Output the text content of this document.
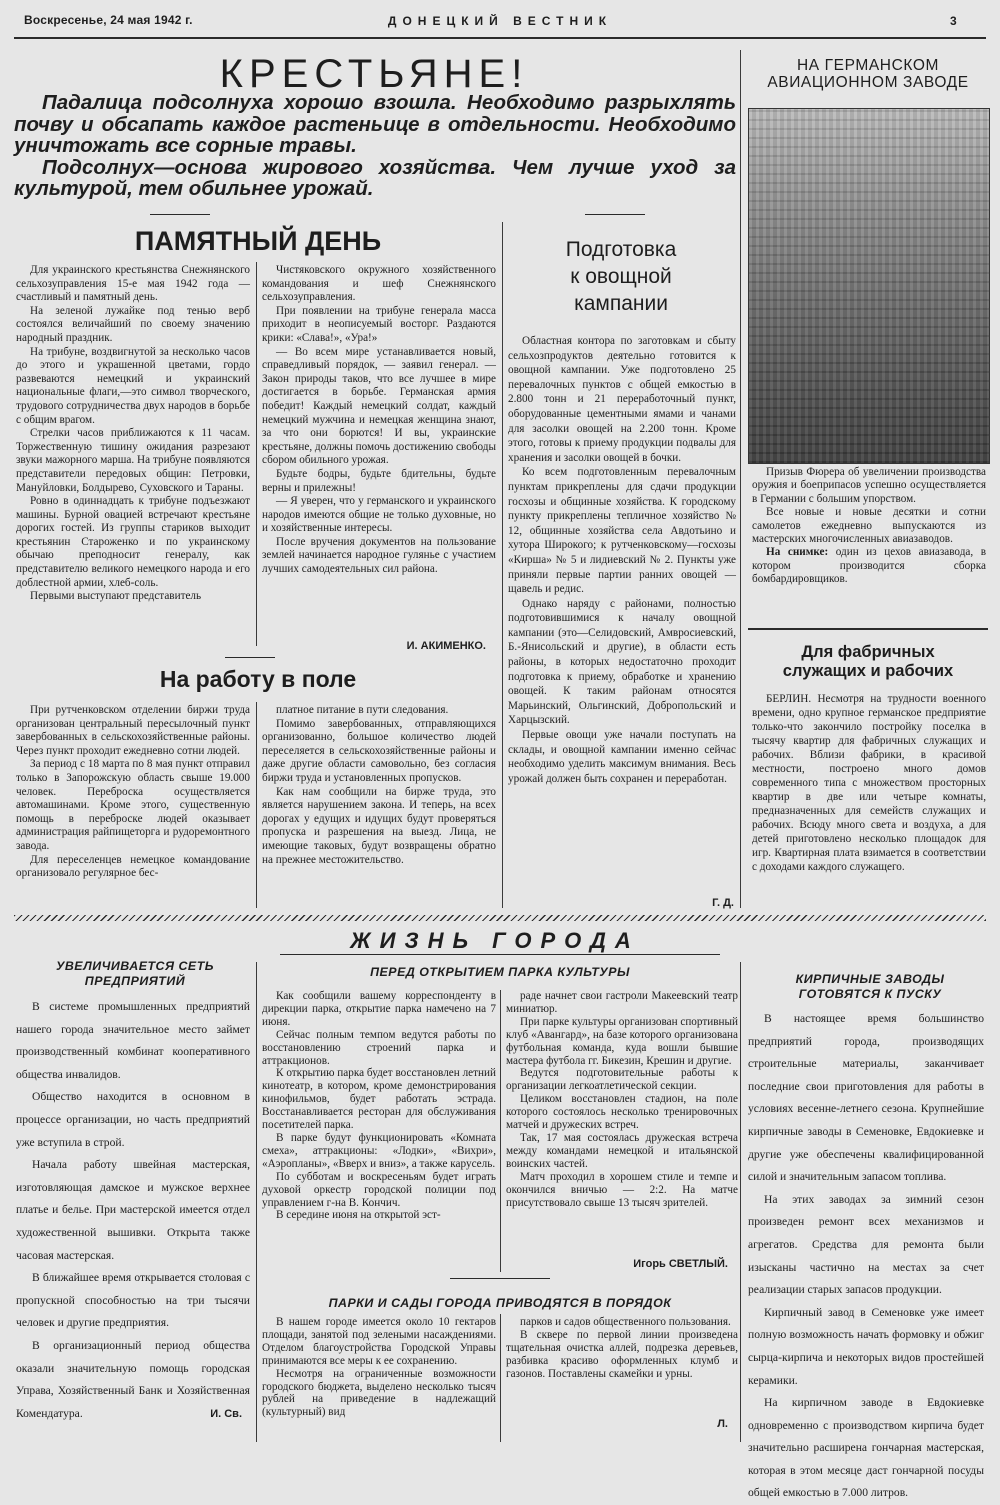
Воскресенье, 24 мая 1942 г.	ДОНЕЦКИЙ ВЕСТНИК	3
КРЕСТЬЯНЕ!

Падалица подсолнуха хорошо взошла. Необходимо разрыхлять почву и обсапать каждое растеньице в отдельности. Необходимо уничтожать все сорные травы.

Подсолнух—основа жирового хозяйства. Чем лучше уход за культурой, тем обильнее урожай.

ПАМЯТНЫЙ ДЕНЬ

Для украинского крестьянства Снежнянского сельхозуправления 15-е мая 1942 года — счастливый и памятный день.

На зеленой лужайке под тенью верб состоялся величайший по своему значению народный праздник.

На трибуне, воздвигнутой за несколько часов до этого и украшенной цветами, гордо развеваются немецкий и украинский национальные флаги,—это символ творческого, трудового сотрудничества двух народов в борьбе с общим врагом.

Стрелки часов приближаются к 11 часам. Торжественную тишину ожидания разрезают звуки мажорного марша. На трибуне появляются представители передовых общин: Петровки, Мануйловки, Болдырево, Суховского и Тараны.

Ровно в одиннадцать к трибуне подъезжают машины. Бурной овацией встречают крестьяне дорогих гостей. Из группы стариков выходит крестьянин Староженко и по украинскому обычаю преподносит генералу, как представителю великого немецкого народа и его доблестной армии, хлеб-соль.

Первыми выступают представитель

Чистяковского окружного хозяйственного командования и шеф Снежнянского сельхозуправления.

При появлении на трибуне генерала масса приходит в неописуемый восторг. Раздаются крики: «Слава!», «Ура!»

— Во всем мире устанавливается новый, справедливый порядок, — заявил генерал. — Закон природы таков, что все лучшее в мире достигается в борьбе. Германская армия победит! Каждый немецкий солдат, каждый немецкий мужчина и немецкая женщина знают, за что они борются! И вы, украинские крестьяне, должны помочь достижению свободы сбором обильного урожая.

Будьте бодры, будьте бдительны, будьте верны и прилежны!

— Я уверен, что у германского и украинского народов имеются общие не только духовные, но и хозяйственные интересы.

После вручения документов на пользование землей начинается народное гулянье с участием лучших самодеятельных сил района.

И. АКИМЕНКО.
На работу в поле

При рутченковском отделении биржи труда организован центральный пересылочный пункт завербованных в сельскохозяйственные районы. Через пункт проходит ежедневно сотни людей.

За период с 18 марта по 8 мая пункт отправил только в Запорожскую область свыше 19.000 человек. Переброска осуществляется автомашинами. Кроме этого, существенную помощь в переброске людей оказывает администрация райпищеторга и рудоремонтного завода.

Для переселенцев немецкое командование организовало регулярное бес-

платное питание в пути следования.

Помимо завербованных, отправляющихся организованно, большое количество людей переселяется в сельскохозяйственные районы и даже другие области самовольно, без согласия биржи труда и установленных пропусков.

Как нам сообщили на бирже труда, это является нарушением закона. И теперь, на всех дорогах у едущих и идущих будут проверяться пропуска и разрешения на выезд. Лица, не имеющие таковых, будут возвращены обратно на прежнее местожительство.

Подготовка
к овощной
кампании

Областная контора по заготовкам и сбыту сельхозпродуктов деятельно готовится к овощной кампании. Уже подготовлено 25 перевалочных пунктов с общей емкостью в 2.800 тонн и 21 переработочный пункт, оборудованные цементными ямами и чанами для засолки овощей на 2.200 тонн. Кроме этого, готовы к приему продукции подвалы для хранения и засолки овощей в бочки.

Ко всем подготовленным перевалочным пунктам прикреплены для сдачи продукции госхозы и общинные хозяйства. К городскому пункту прикреплены тепличное хозяйство № 12, общинные хозяйства села Авдотьино и хутора Широкого; к рутченковскому—госхозы «Кирша» № 5 и лидиевский № 2. Пункты уже приняли первые партии ранних овощей — щавель и редис.

Однако наряду с районами, полностью подготовившимися к началу овощной кампании (это—Селидовский, Амвросиевский, Б.-Янисольский и другие), в области есть районы, в которых недостаточно проходит подготовка к приему, обработке и хранению овощей. К таким районам относятся Марьинский, Ольгинский, Добропольский и Харцызский.

Первые овощи уже начали поступать на склады, и овощной кампании именно сейчас необходимо уделить максимум внимания. Весь урожай должен быть сохранен и переработан.

Г. Д.
НА ГЕРМАНСКОМ
АВИАЦИОННОМ ЗАВОДЕ

Призыв Фюрера об увеличении производства оружия и боеприпасов успешно осуществляется в Германии с большим упорством.

Все новые и новые десятки и сотни самолетов ежедневно выпускаются из мастерских многочисленных авиазаводов.

На снимке: один из цехов авиазавода, в котором производится сборка бомбардировщиков.

Для фабричных
служащих и рабочих

БЕРЛИН. Несмотря на трудности военного времени, одно крупное германское предприятие только-что закончило постройку поселка в тысячу квартир для фабричных служащих и рабочих. Вблизи фабрики, в красивой местности, построено много домов современного типа с множеством просторных квартир в две или четыре комнаты, предназначенных для семейств служащих и рабочих. Всюду много света и воздуха, а для детей приготовлено несколько площадок для игр. Квартирная плата взимается в соответствии с доходами каждого служащего.

ЖИЗНЬ ГОРОДА
УВЕЛИЧИВАЕТСЯ СЕТЬ ПРЕДПРИЯТИЙ

В системе промышленных предприятий нашего города значительное место займет производственный комбинат кооперативного общества инвалидов.

Общество находится в основном в процессе организации, но часть предприятий уже вступила в строй.

Начала работу швейная мастерская, изготовляющая дамское и мужское верхнее платье и белье. При мастерской имеется отдел художественной вышивки. Открыта также часовая мастерская.

В ближайшее время открывается столовая с пропускной способностью на три тысячи человек и другие предприятия.

В организационный период общества оказали значительную помощь городская Управа, Хозяйственный Банк и Хозяйственная Комендатура.	И. Св.
ПЕРЕД ОТКРЫТИЕМ ПАРКА КУЛЬТУРЫ

Как сообщили вашему корреспонденту в дирекции парка, открытие парка намечено на 7 июня.

Сейчас полным темпом ведутся работы по восстановлению строений парка и аттракционов.

К открытию парка будет восстановлен летний кинотеатр, в котором, кроме демонстрирования кинофильмов, будет работать эстрада. Восстанавливается ресторан для обслуживания посетителей парка.

В парке будут функционировать «Комната смеха», аттракционы: «Лодки», «Вихри», «Аэропланы», «Вверх и вниз», а также карусель.

По субботам и воскресеньям будет играть духовой оркестр городской полиции под управлением г-на В. Кончич.

В середине июня на открытой эст-

раде начнет свои гастроли Макеевский театр миниатюр.

При парке культуры организован спортивный клуб «Авангард», на базе которого организована футбольная команда, куда вошли бывшие мастера футбола гг. Бикезин, Крешин и другие.

Ведутся подготовительные работы к организации легкоатлетической секции.

Целиком восстановлен стадион, на поле которого состоялось несколько тренировочных матчей и дружеских встреч.

Так, 17 мая состоялась дружеская встреча между командами немецкой и итальянской воинских частей.

Матч проходил в хорошем стиле и темпе и окончился вничью — 2:2. На матче присутствовало свыше 13 тысяч зрителей.

Игорь СВЕТЛЫЙ.
ПАРКИ И САДЫ ГОРОДА ПРИВОДЯТСЯ В ПОРЯДОК

В нашем городе имеется около 10 гектаров площади, занятой под зелеными насаждениями. Отделом благоустройства Городской Управы принимаются все меры к ее сохранению.

Несмотря на ограниченные возможности городского бюджета, выделено несколько тысяч рублей на приведение в надлежащий (культурный) вид

парков и садов общественного пользования.

В сквере по первой линии произведена тщательная очистка аллей, подрезка деревьев, разбивка красиво оформленных клумб и газонов. Поставлены скамейки и урны.

Л.
КИРПИЧНЫЕ ЗАВОДЫ ГОТОВЯТСЯ К ПУСКУ

В настоящее время большинство предприятий города, производящих строительные материалы, заканчивает последние свои приготовления для работы в условиях весенне-летнего сезона. Крупнейшие кирпичные заводы в Семеновке, Евдокиевке и другие уже обеспечены квалифицированной силой и значительным запасом топлива.

На этих заводах за зимний сезон произведен ремонт всех механизмов и агрегатов. Средства для ремонта были изысканы частично на местах за счет реализации старых запасов продукции.

Кирпичный завод в Семеновке уже имеет полную возможность начать формовку и обжиг сырца-кирпича и некоторых видов простейшей керамики.

На кирпичном заводе в Евдокиевке одновременно с производством кирпича будет значительно расширена гончарная мастерская, которая в этом месяце даст гончарной посуды общей емкостью в 7.000 литров.
